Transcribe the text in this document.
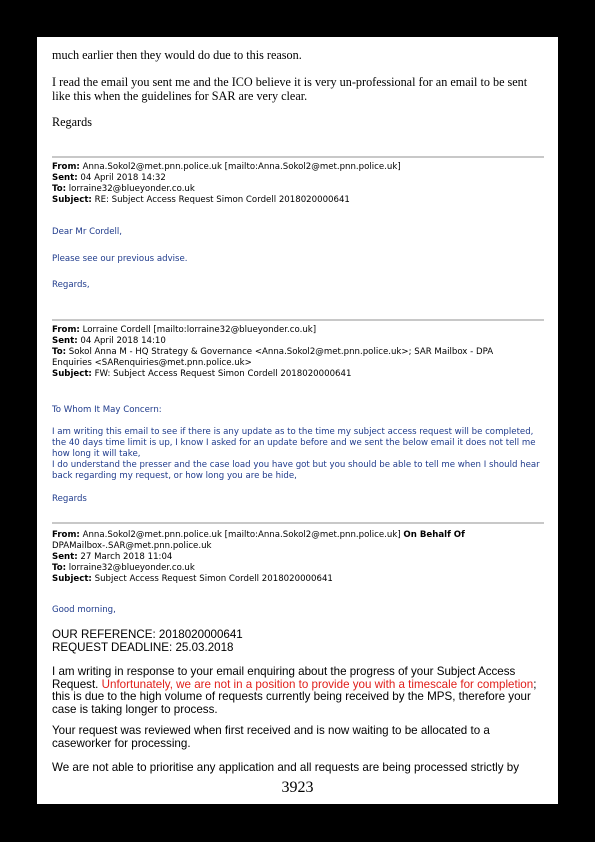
much earlier then they would do due to this reason.

I read the email you sent me and the ICO believe it is very un-professional for an email to be sent like this when the guidelines for SAR are very clear.

Regards

From: Anna.Sokol2@met.pnn.police.uk [mailto:Anna.Sokol2@met.pnn.police.uk]
Sent: 04 April 2018 14:32
To: lorraine32@blueyonder.co.uk
Subject: RE: Subject Access Request Simon Cordell 2018020000641
Dear Mr Cordell,
Please see our previous advise.
Regards,
From: Lorraine Cordell [mailto:lorraine32@blueyonder.co.uk]
Sent: 04 April 2018 14:10
To: Sokol Anna M - HQ Strategy & Governance <Anna.Sokol2@met.pnn.police.uk>; SAR Mailbox - DPA
Enquiries <SARenquiries@met.pnn.police.uk>
Subject: FW: Subject Access Request Simon Cordell 2018020000641
To Whom It May Concern:
I am writing this email to see if there is any update as to the time my subject access request will be completed,
the 40 days time limit is up, I know I asked for an update before and we sent the below email it does not tell me
how long it will take,
I do understand the presser and the case load you have got but you should be able to tell me when I should hear
back regarding my request, or how long you are be hide,
Regards
From: Anna.Sokol2@met.pnn.police.uk [mailto:Anna.Sokol2@met.pnn.police.uk] On Behalf Of
DPAMailbox-.SAR@met.pnn.police.uk
Sent: 27 March 2018 11:04
To: lorraine32@blueyonder.co.uk
Subject: Subject Access Request Simon Cordell 2018020000641
Good morning,
OUR REFERENCE: 2018020000641
REQUEST DEADLINE: 25.03.2018
I am writing in response to your email enquiring about the progress of your Subject Access Request. Unfortunately, we are not in a position to provide you with a timescale for completion; this is due to the high volume of requests currently being received by the MPS, therefore your case is taking longer to process.
Your request was reviewed when first received and is now waiting to be allocated to a caseworker for processing.
We are not able to prioritise any application and all requests are being processed strictly by
3923
